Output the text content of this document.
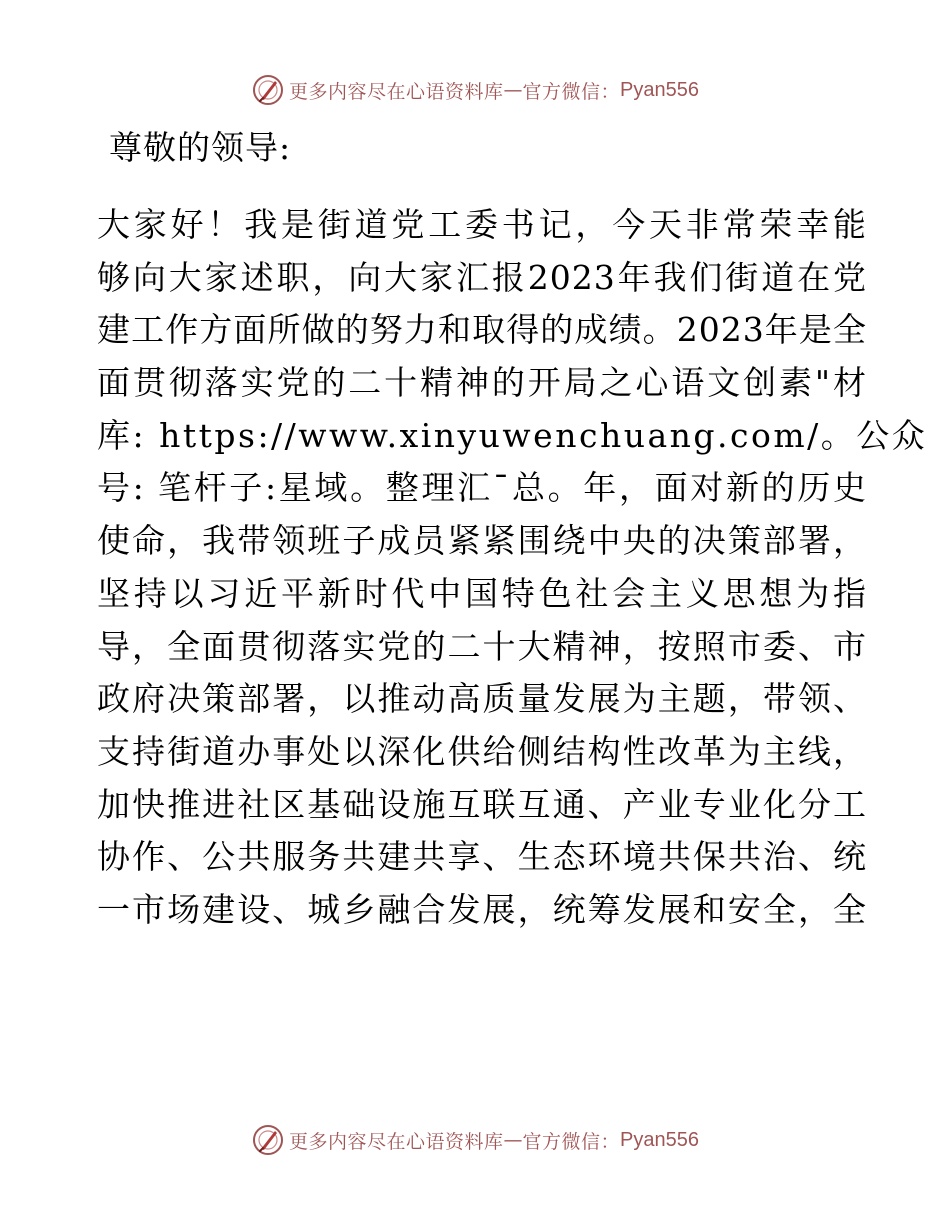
更多内容尽在心语资料库 — 官方微信： Pyan556
尊敬的领导:
大家好！我是街道党工委书记，今天非常荣幸能
够向大家述职，向大家汇报2023年我们街道在党
建工作方面所做的努力和取得的成绩。2023年是全
面贯彻落实党的二十精神的开局之心语文创素"材
库: https://www.xinyuwenchuang.com/。公众
号: 笔杆子:星域。整理汇¯总。年，面对新的历史
使命，我带领班子成员紧紧围绕中央的决策部署，
坚持以习近平新时代中国特色社会主义思想为指
导，全面贯彻落实党的二十大精神，按照市委、市
政府决策部署，以推动高质量发展为主题，带领、
支持街道办事处以深化供给侧结构性改革为主线，
加快推进社区基础设施互联互通、产业专业化分工
协作、公共服务共建共享、生态环境共保共治、统
一市场建设、城乡融合发展，统筹发展和安全，全
更多内容尽在心语资料库 — 官方微信： Pyan556
